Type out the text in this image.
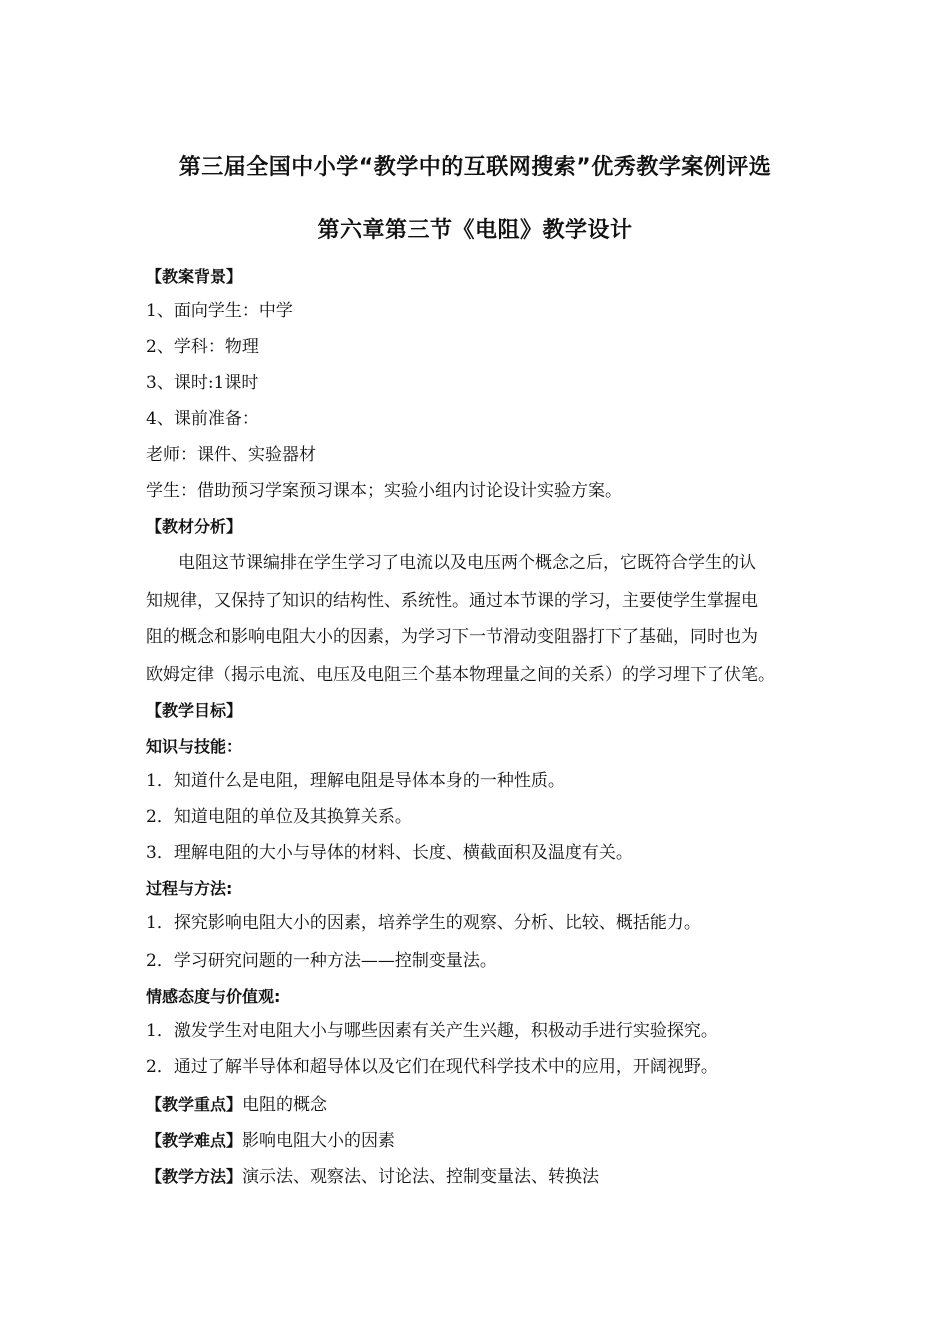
第三届全国中小学“教学中的互联网搜索”优秀教学案例评选
第六章第三节《电阻》教学设计
【教案背景】
1、面向学生：中学
2、学科：物理
3、课时:1课时
4、课前准备：
老师：课件、实验器材
学生：借助预习学案预习课本；实验小组内讨论设计实验方案。
【教材分析】
电阻这节课编排在学生学习了电流以及电压两个概念之后，它既符合学生的认
知规律，又保持了知识的结构性、系统性。通过本节课的学习，主要使学生掌握电
阻的概念和影响电阻大小的因素，为学习下一节滑动变阻器打下了基础，同时也为
欧姆定律（揭示电流、电压及电阻三个基本物理量之间的关系）的学习埋下了伏笔。
【教学目标】
知识与技能：
1．知道什么是电阻，理解电阻是导体本身的一种性质。
2．知道电阻的单位及其换算关系。
3．理解电阻的大小与导体的材料、长度、横截面积及温度有关。
过程与方法:
1．探究影响电阻大小的因素，培养学生的观察、分析、比较、概括能力。
2．学习研究问题的一种方法——控制变量法。
情感态度与价值观:
1．激发学生对电阻大小与哪些因素有关产生兴趣，积极动手进行实验探究。
2．通过了解半导体和超导体以及它们在现代科学技术中的应用，开阔视野。
【教学重点】电阻的概念
【教学难点】影响电阻大小的因素
【教学方法】演示法、观察法、讨论法、控制变量法、转换法
